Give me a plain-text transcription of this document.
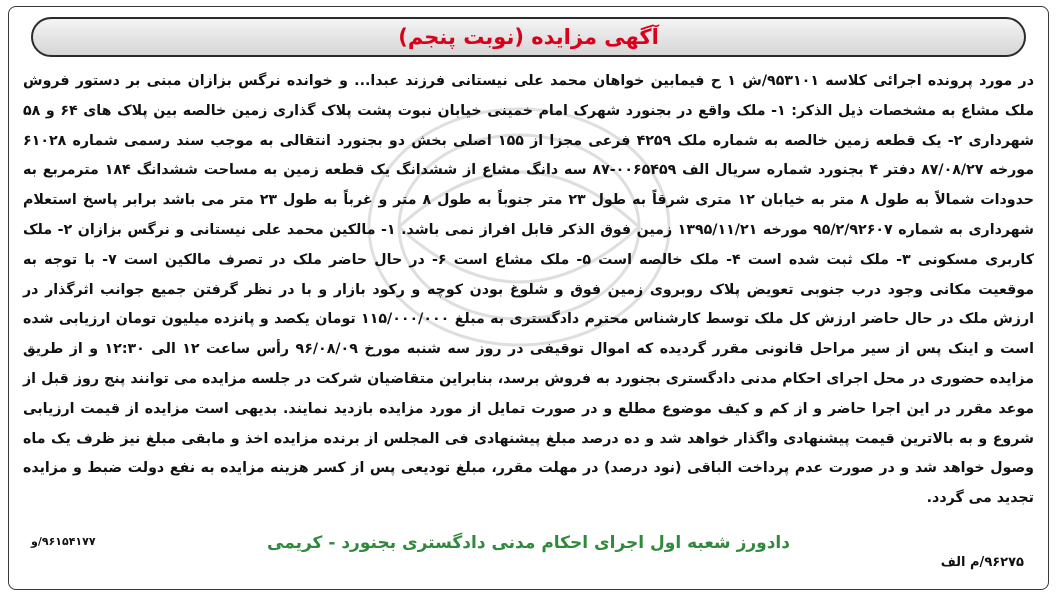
آگهی مزایده (نوبت پنجم)
در مورد پرونده اجرائی کلاسه ۹۵۳۱۰۱/ش ۱ ح فیمابین خواهان محمد علی نیستانی فرزند عبدا... و خوانده نرگس بزازان مبنی بر دستور فروش ملک مشاع به مشخصات ذیل الذکر: ۱- ملک واقع در بجنورد شهرک امام خمینی خیابان نبوت پشت پلاک گذاری زمین خالصه بین پلاک های ۶۴ و ۵۸ شهرداری ۲- یک قطعه زمین خالصه به شماره ملک ۴۲۵۹ فرعی مجزا از ۱۵۵ اصلی بخش دو بجنورد انتقالی به موجب سند رسمی شماره ۶۱۰۲۸ مورخه ۸۷/۰۸/۲۷ دفتر ۴ بجنورد شماره سریال الف ۰۰۶۵۴۵۹-۸۷ سه دانگ مشاع از ششدانگ یک قطعه زمین به مساحت ششدانگ ۱۸۴ مترمربع به حدودات شمالاً به طول ۸ متر به خیابان ۱۲ متری شرقاً به طول ۲۳ متر جنوباً به طول ۸ متر و غرباً به طول ۲۳ متر می باشد برابر پاسخ استعلام شهرداری به شماره ۹۵/۲/۹۲۶۰۷ مورخه ۱۳۹۵/۱۱/۲۱ زمین فوق الذکر قابل افراز نمی باشد. ۱- مالکین محمد علی نیستانی و نرگس بزازان ۲- ملک کاربری مسکونی ۳- ملک ثبت شده است ۴- ملک خالصه است ۵- ملک مشاع است ۶- در حال حاضر ملک در تصرف مالکین است ۷- با توجه به موقعیت مکانی وجود درب جنوبی تعویض پلاک روبروی زمین فوق و شلوغ بودن کوچه و رکود بازار و با در نظر گرفتن جمیع جوانب اثرگذار در ارزش ملک در حال حاضر ارزش کل ملک توسط کارشناس محترم دادگستری به مبلغ ۱۱۵/۰۰۰/۰۰۰ تومان یکصد و پانزده میلیون تومان ارزیابی شده است و اینک پس از سیر مراحل قانونی مقرر گردیده که اموال توقیفی در روز سه شنبه مورخ ۹۶/۰۸/۰۹ رأس ساعت ۱۲ الی ۱۲:۳۰ و از طریق مزایده حضوری در محل اجرای احکام مدنی دادگستری بجنورد به فروش برسد، بنابراین متقاضیان شرکت در جلسه مزایده می توانند پنج روز قبل از موعد مقرر در این اجرا حاضر و از کم و کیف موضوع مطلع و در صورت تمایل از مورد مزایده بازدید نمایند. بدیهی است مزایده از قیمت ارزیابی شروع و به بالاترین قیمت پیشنهادی واگذار خواهد شد و ده درصد مبلغ پیشنهادی فی المجلس از برنده مزایده اخذ و مابقی مبلغ نیز ظرف یک ماه وصول خواهد شد و در صورت عدم پرداخت الباقی (نود درصد) در مهلت مقرر، مبلغ تودیعی پس از کسر هزینه مزایده به نفع دولت ضبط و مزایده تجدید می گردد.
دادورز شعبه اول اجرای احکام مدنی دادگستری بجنورد - کریمی
۹۶۱۵۴۱۷۷/و
۹۶۲۷۵/م الف
